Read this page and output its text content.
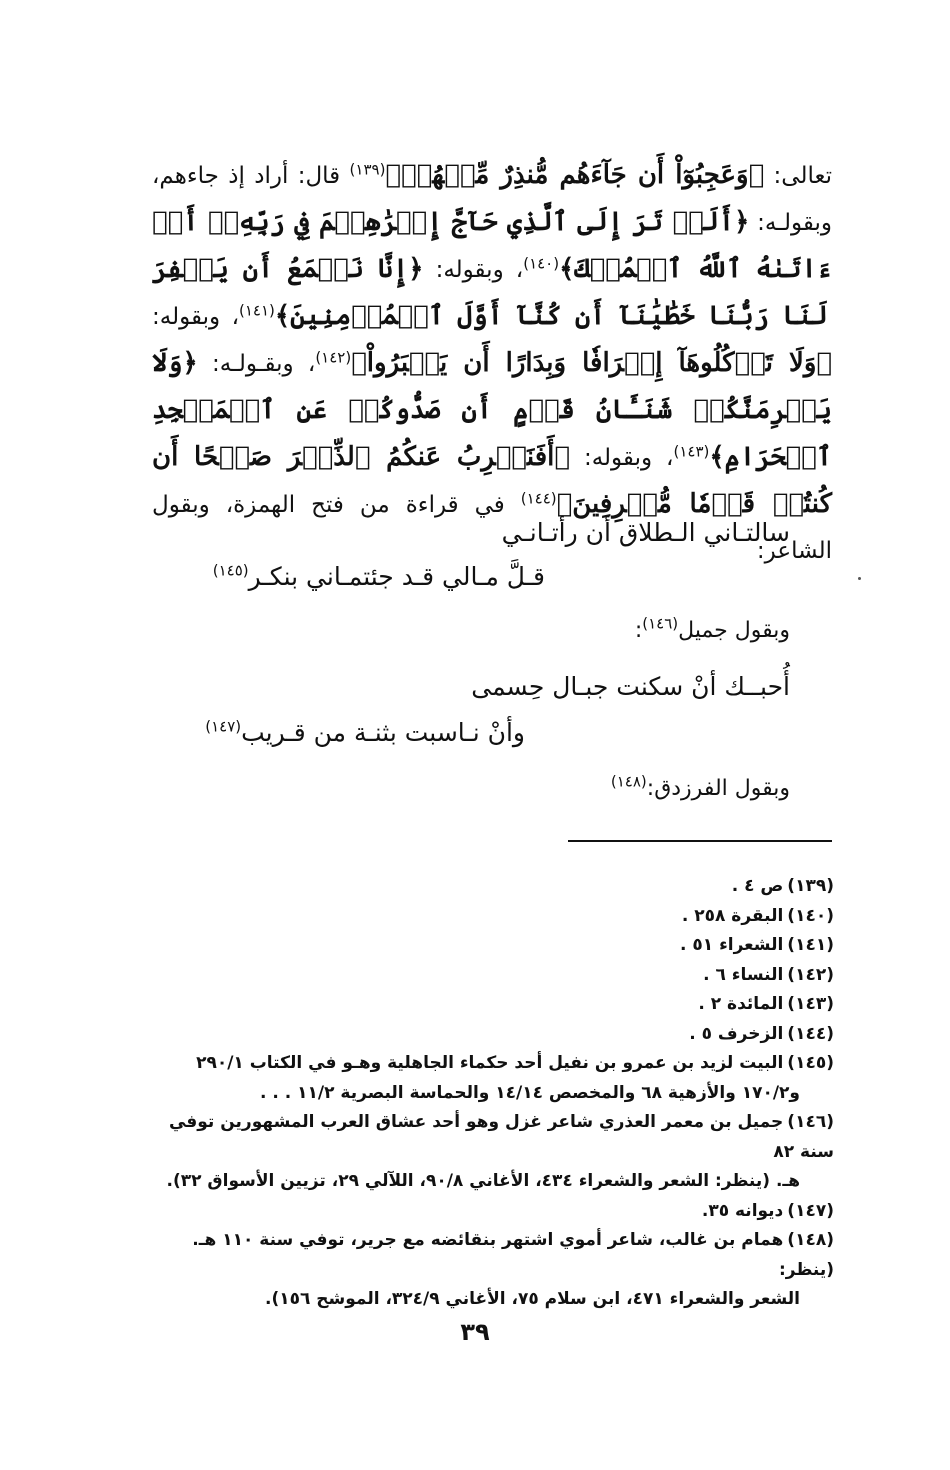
تعالى: ﴿وَعَجِبُوٓاْ أَن جَآءَهُم مُّنذِرٌ مِّنۡهُمۡ﴾$^{(١٣٩)}$ قال: أراد إذ جاءهم، وبقولـه: ﴿أَلَمۡ تَرَ إِلَى ٱلَّذِي حَآجَّ إِبۡرَٰهِـۧمَ فِي رَبِّهِۦٓ أَنۡ ءَاتَىٰهُ ٱللَّهُ ٱلۡمُلۡكَ﴾$^{(١٤٠)}$، وبقوله: ﴿إِنَّا نَطۡمَعُ أَن يَغۡفِرَ لَنَا رَبُّنَا خَطَٰيَٰنَآ أَن كُنَّآ أَوَّلَ ٱلۡمُؤۡمِنِينَ﴾$^{(١٤١)}$، وبقوله: ﴿وَلَا تَأۡكُلُوهَآ إِسۡرَافٗا وَبِدَارًا أَن يَكۡبَرُواْ﴾$^{(١٤٢)}$، وبقـولـه: ﴿وَلَا يَجۡرِمَنَّكُمۡ شَنَـَٔانُ قَوۡمٍ أَن صَدُّوكُمۡ عَنِ ٱلۡمَسۡجِدِ ٱلۡحَرَامِ﴾$^{(١٤٣)}$، وبقوله: ﴿أَفَنَضۡرِبُ عَنكُمُ ٱلذِّكۡرَ صَفۡحًا أَن كُنتُمۡ قَوۡمٗا مُّسۡرِفِينَ﴾$^{(١٤٤)}$ في قراءة من فتح الهمزة، وبقول الشاعر:

سالتـاني الـطلاق أن رأتـانـي
قـلَّ مـالي قـد جئتمـاني بنكـر$^{(١٤٥)}$
وبقول جميل$^{(١٤٦)}$:
أُحبــك أنْ سكنت جبـال حِسمى
وأنْ نـاسبت بثنـة من قـريب$^{(١٤٧)}$
وبقول الفرزدق:$^{(١٤٨)}$

(١٣٩)ص ٤ .

(١٤٠)البقرة ٢٥٨ .

(١٤١)الشعراء ٥١ .

(١٤٢)النساء ٦ .

(١٤٣)المائدة ٢ .

(١٤٤)الزخرف ٥ .

(١٤٥)البيت لزيد بن عمرو بن نفيل أحد حكماء الجاهلية وهـو في الكتاب ٢٩٠/١

و١٧٠/٢ والأزهية ٦٨ والمخصص ١٤/١٤ والحماسة البصرية ١١/٢ . . .

(١٤٦)جميل بن معمر العذري شاعر غزل وهو أحد عشاق العرب المشهورين توفي سنة ٨٢

هـ. (ينظر: الشعر والشعراء ٤٣٤، الأغاني ٩٠/٨، اللآلي ٢٩، تزيين الأسواق ٣٢).

(١٤٧)ديوانه ٣٥.

(١٤٨)همام بن غالب، شاعر أموي اشتهر بنقائضه مع جرير، توفي سنة ١١٠ هـ. (ينظر:

الشعر والشعراء ٤٧١، ابن سلام ٧٥، الأغاني ٣٢٤/٩، الموشح ١٥٦).

٣٩
